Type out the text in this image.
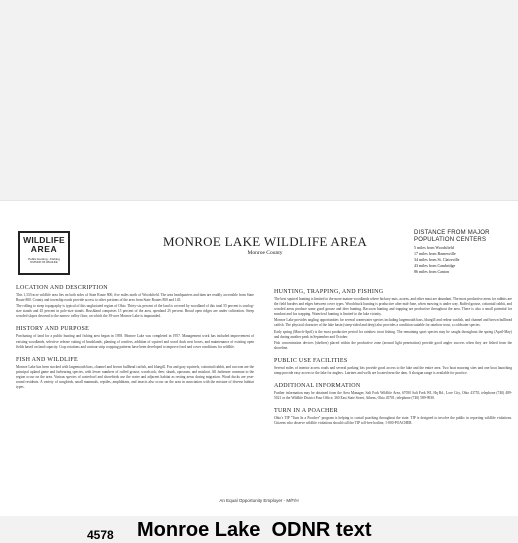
WILDLIFE
AREA
Public Hunting - Fishing
DIVISION OF WILDLIFE
MONROE LAKE WILDLIFE AREA
Monroe County
DISTANCE FROM MAJOR
POPULATION CENTERS
5 miles from Woodsfield
17 miles from Barnesville
34 miles from St. Clairsville
43 miles from Cambridge
86 miles from Canton
LOCATION AND DESCRIPTION

This 1,333-acre wildlife area lies on both sides of State Route 800, five miles north of Woodsfield. The area headquarters and dam are readily accessible from State Route 800. County and township roads provide access to other portions of the area from State Routes 800 and 145.

The rolling to steep topography is typical of this unglaciated region of Ohio. Thirty-six percent of the land is covered by woodland of this total 55 percent is sawlog-size stands and 45 percent in pole-size stands. Brushland comprises 15 percent of the area, openland 25 percent. Broad open ridges are under cultivation. Steep wooded slopes descend to the narrow valley floor, on which the 39-acre Monroe Lake is impounded.

HISTORY AND PURPOSE

Purchasing of land for a public hunting and fishing area began in 1958. Monroe Lake was completed in 1957. Management work has included improvement of existing woodlands, selective release cutting of brushlands, planting of conifers, addition of squirrel and wood duck nest boxes, and maintenance of existing open fields based on land capacity. Crop rotations and contour strip cropping patterns have been developed to improve food and cover conditions for wildlife.

FISH AND WILDLIFE

Monroe Lake has been stocked with largemouth bass, channel and brown bullhead catfish, and bluegill. Fox and gray squirrels, cottontail rabbit, and raccoon are the principal upland game and furbearing species, with lesser numbers of ruffed grouse, woodcock, deer, skunk, opossum, and muskrat. All furbearer common to the region occur on the area. Various species of waterfowl and shorebirds use the water and adjacent habitat as resting areas during migration. Wood ducks are year-round residents. A variety of songbirds, small mammals, reptiles, amphibians, and insects also occur on the area in association with the mixture of diverse habitat types.

HUNTING, TRAPPING, AND FISHING

The best squirrel hunting is limited to the more mature woodlands where hickory nuts, acorns, and other mast are abundant. The most productive areas for rabbits are the field borders and edges between cover types. Woodchuck hunting is productive after mid-June, when mowing is under way. Ruffed grouse, cottontail rabbit, and wooded areas produce some good grouse and deer hunting. Raccoon hunting and trapping are productive throughout the area. There is also a small potential for muskrat and fox trapping. Waterfowl hunting is limited to the lake vicinity.

Monroe Lake provides angling opportunities for several warmwater species including largemouth bass, bluegill and redear sunfish, and channel and brown bullhead catfish. The physical character of the lake basin (steep-sided and deep) also provides a condition suitable for rainbow trout, a coldwater species.

Early spring (March-April) is the most productive period for rainbow trout fishing. The remaining sport species may be caught throughout the spring (April-May) and during another peak in September and October.

Fish concentration devices (shelters) placed within the productive zone (around light penetration) provide good angler success when they are fished from the shoreline.

PUBLIC USE FACILITIES

Several miles of interior access roads and several parking lots provide good access to the lake and the entire area. Two boat mooring sites and one boat launching ramp provide easy access to the lake for anglers. Latrines and wells are located near the dam. A shotgun range is available for practice.

ADDITIONAL INFORMATION

Further information may be obtained from the Area Manager, Salt Fork Wildlife Area, 67050 Salt Fork WL Hq Rd., Lore City, Ohio 43755, telephone (740) 489-5021 or the Wildlife District Four Office, 360 East State Street, Athens, Ohio 45701; telephone (740) 589-9930.

TURN IN A POACHER

Ohio's TIP "Turn In a Poacher" program is helping to curtail poaching throughout the state. TIP is designed to involve the public in reporting wildlife violations. Citizens who observe wildlife violations should call the TIP toll-free hotline, 1-800-POACHER.

An Equal Opportunity Employer - M/F/H
4578 Monroe Lake  ODNR text
